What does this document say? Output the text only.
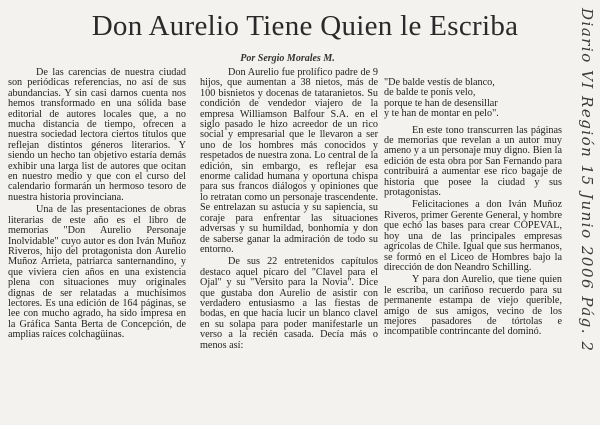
Don Aurelio Tiene Quien le Escriba
Por Sergio Morales M.

De las carencias de nuestra ciudad son periódicas referencias, no así de sus abundancias. Y sin casi darnos cuenta nos hemos transformado en una sólida base editorial de autores locales que, a no mucha distancia de tiempo, ofrecen a nuestra sociedad lectora ciertos títulos que reflejan distintos géneros literarios. Y siendo un hecho tan objetivo estaría demás exhibir una larga list de autores que ocitan en nuestro medio y que con el curso del calendario formarán un hermoso tesoro de nuestra historia provinciana.

Una de las presentaciones de obras literarias de este año es el libro de memorias "Don Aurelio Personaje Inolvidable" cuyo autor es don Iván Muñoz Riveros, hijo del protagonista don Aurelio Muñoz Arrieta, patriarca santernandino, y que viviera cien años en una existencia plena con situaciones muy originales dignas de ser relatadas a muchísimos lectores. Es una edición de 164 páginas, se lee con mucho agrado, ha sido impresa en la Gráfica Santa Berta de Concepción, de amplias raíces colchagüinas.

Don Aurelio fue prolífico padre de 9 hijos, que aumentan a 38 nietos, más de 100 bisnietos y docenas de tataranietos. Su condición de vendedor viajero de la empresa Williamson Balfour S.A. en el siglo pasado le hizo acreedor de un rico social y empresarial que le llevaron a ser uno de los hombres más conocidos y respetados de nuestra zona. Lo central de la edición, sin embargo, es reflejar esa enorme calidad humana y oportuna chispa para sus francos diálogos y opiniones que lo retratan como un personaje trascendente. Se entrelazan su astucia y su sapiencia, su coraje para enfrentar las situaciones adversas y su humildad, bonhomía y don de saberse ganar la admiración de todo su entorno.

De sus 22 entretenidos capítulos destaco aquel pícaro del "Clavel para el Ojal" y su "Versito para la Novia". Dice que gustaba don Aurelio de asistir con verdadero entusiasmo a las fiestas de bodas, en que hacía lucir un blanco clavel en su solapa para poder manifestarle un verso a la recién casada. Decía más o menos así:

"De balde vestís de blanco,
de balde te ponís velo,
porque te han de desensillar
y te han de montar en pelo".

En este tono transcurren las páginas de memorias que revelan a un autor muy ameno y a un personaje muy digno. Bien la edición de esta obra por San Fernando para contribuirá a aumentar ese rico bagaje de historia que posee la ciudad y sus protagonistas.

Felicitaciones a don Iván Muñoz Riveros, primer Gerente General, y hombre que echó las bases para crear COPEVAL, hoy una de las principales empresas agrícolas de Chile. Igual que sus hermanos, se formó en el Liceo de Hombres bajo la dirección de don Neandro Schilling.

Y para don Aurelio, que tiene quien le escriba, un cariñoso recuerdo para su permanente estampa de viejo querible, amigo de sus amigos, vecino de los mejores pasadores de tórtolas e incompatible contrincante del dominó.	Diario VI Región 15 Junio 2006 Pág. 2
